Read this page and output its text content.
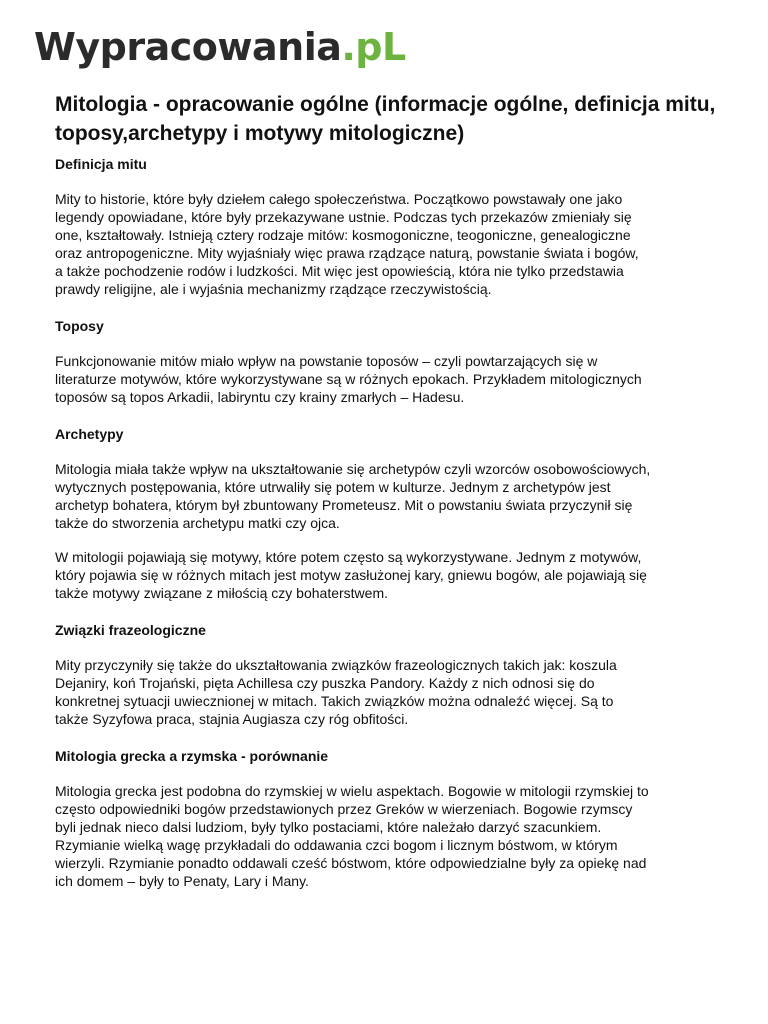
Wypracowania.pL
Mitologia - opracowanie ogólne (informacje ogólne, definicja mitu, toposy,archetypy i motywy mitologiczne)
Definicja mitu

Mity to historie, które były dziełem całego społeczeństwa. Początkowo powstawały one jako
legendy opowiadane, które były przekazywane ustnie. Podczas tych przekazów zmieniały się
one, kształtowały. Istnieją cztery rodzaje mitów: kosmogoniczne, teogoniczne, genealogiczne
oraz antropogeniczne. Mity wyjaśniały więc prawa rządzące naturą, powstanie świata i bogów,
a także pochodzenie rodów i ludzkości. Mit więc jest opowieścią, która nie tylko przedstawia
prawdy religijne, ale i wyjaśnia mechanizmy rządzące rzeczywistością.

Toposy

Funkcjonowanie mitów miało wpływ na powstanie toposów – czyli powtarzających się w
literaturze motywów, które wykorzystywane są w różnych epokach. Przykładem mitologicznych
toposów są topos Arkadii, labiryntu czy krainy zmarłych – Hadesu.

Archetypy

Mitologia miała także wpływ na ukształtowanie się archetypów czyli wzorców osobowościowych,
wytycznych postępowania, które utrwaliły się potem w kulturze. Jednym z archetypów jest
archetyp bohatera, którym był zbuntowany Prometeusz. Mit o powstaniu świata przyczynił się
także do stworzenia archetypu matki czy ojca.

W mitologii pojawiają się motywy, które potem często są wykorzystywane. Jednym z motywów,
który pojawia się w różnych mitach jest motyw zasłużonej kary, gniewu bogów, ale pojawiają się
także motywy związane z miłością czy bohaterstwem.

Związki frazeologiczne

Mity przyczyniły się także do ukształtowania związków frazeologicznych takich jak: koszula
Dejaniry, koń Trojański, pięta Achillesa czy puszka Pandory. Każdy z nich odnosi się do
konkretnej sytuacji uwiecznionej w mitach. Takich związków można odnaleźć więcej. Są to
także Syzyfowa praca, stajnia Augiasza czy róg obfitości.

Mitologia grecka a rzymska - porównanie

Mitologia grecka jest podobna do rzymskiej w wielu aspektach. Bogowie w mitologii rzymskiej to
często odpowiedniki bogów przedstawionych przez Greków w wierzeniach. Bogowie rzymscy
byli jednak nieco dalsi ludziom, były tylko postaciami, które należało darzyć szacunkiem.
Rzymianie wielką wagę przykładali do oddawania czci bogom i licznym bóstwom, w którym
wierzyli. Rzymianie ponadto oddawali cześć bóstwom, które odpowiedzialne były za opiekę nad
ich domem – były to Penaty, Lary i Many.
